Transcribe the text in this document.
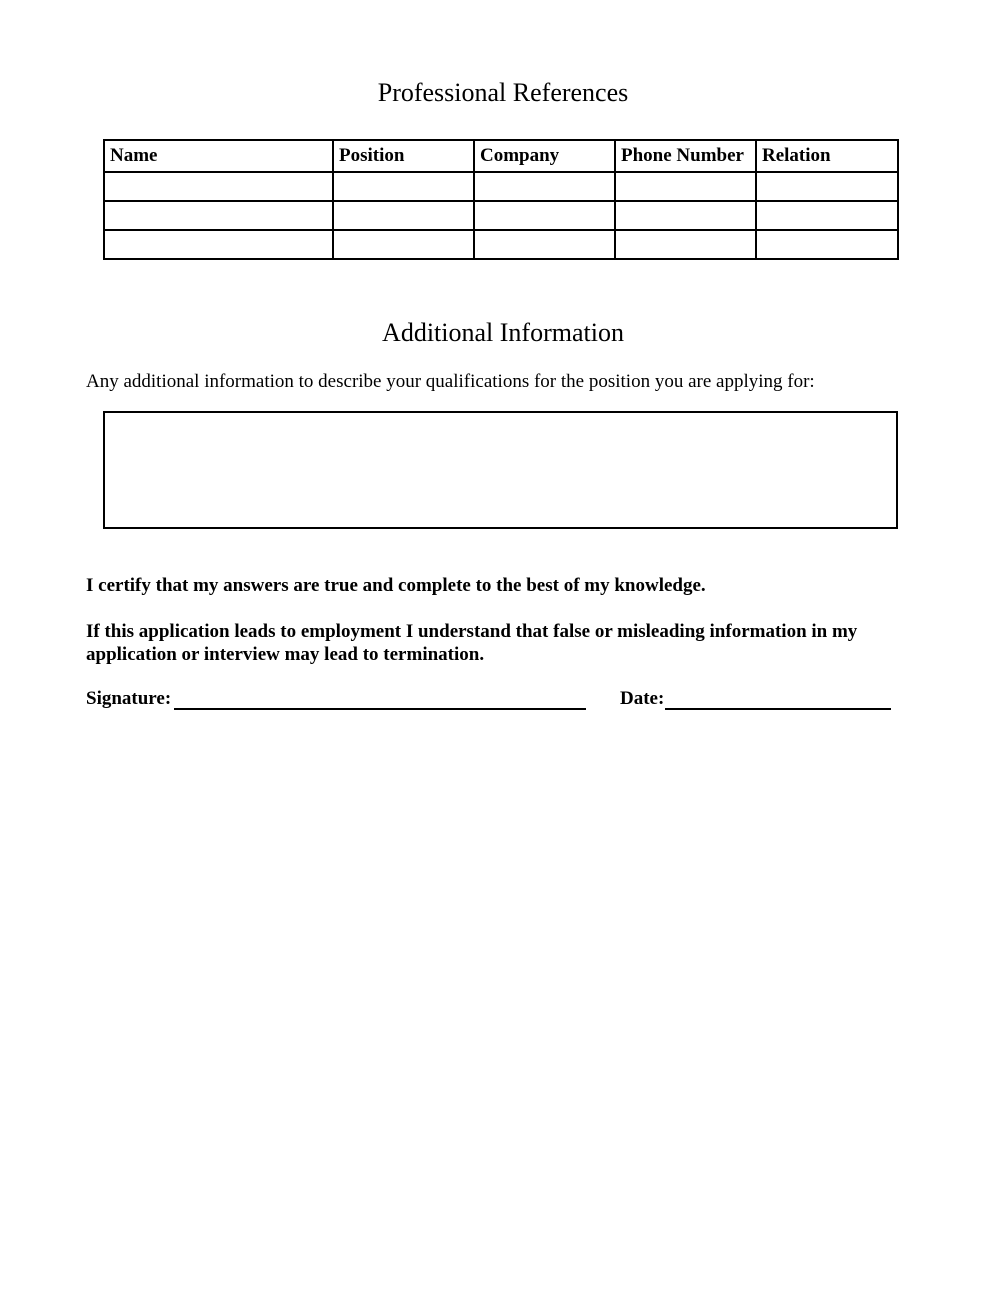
Professional References
Name	Position	Company	Phone Number	Relation

Additional Information

Any additional information to describe your qualifications for the position you are applying for:

I certify that my answers are true and complete to the best of my knowledge.

If this application leads to employment I understand that false or misleading information in my application or interview may lead to termination.

Signature:	Date:
